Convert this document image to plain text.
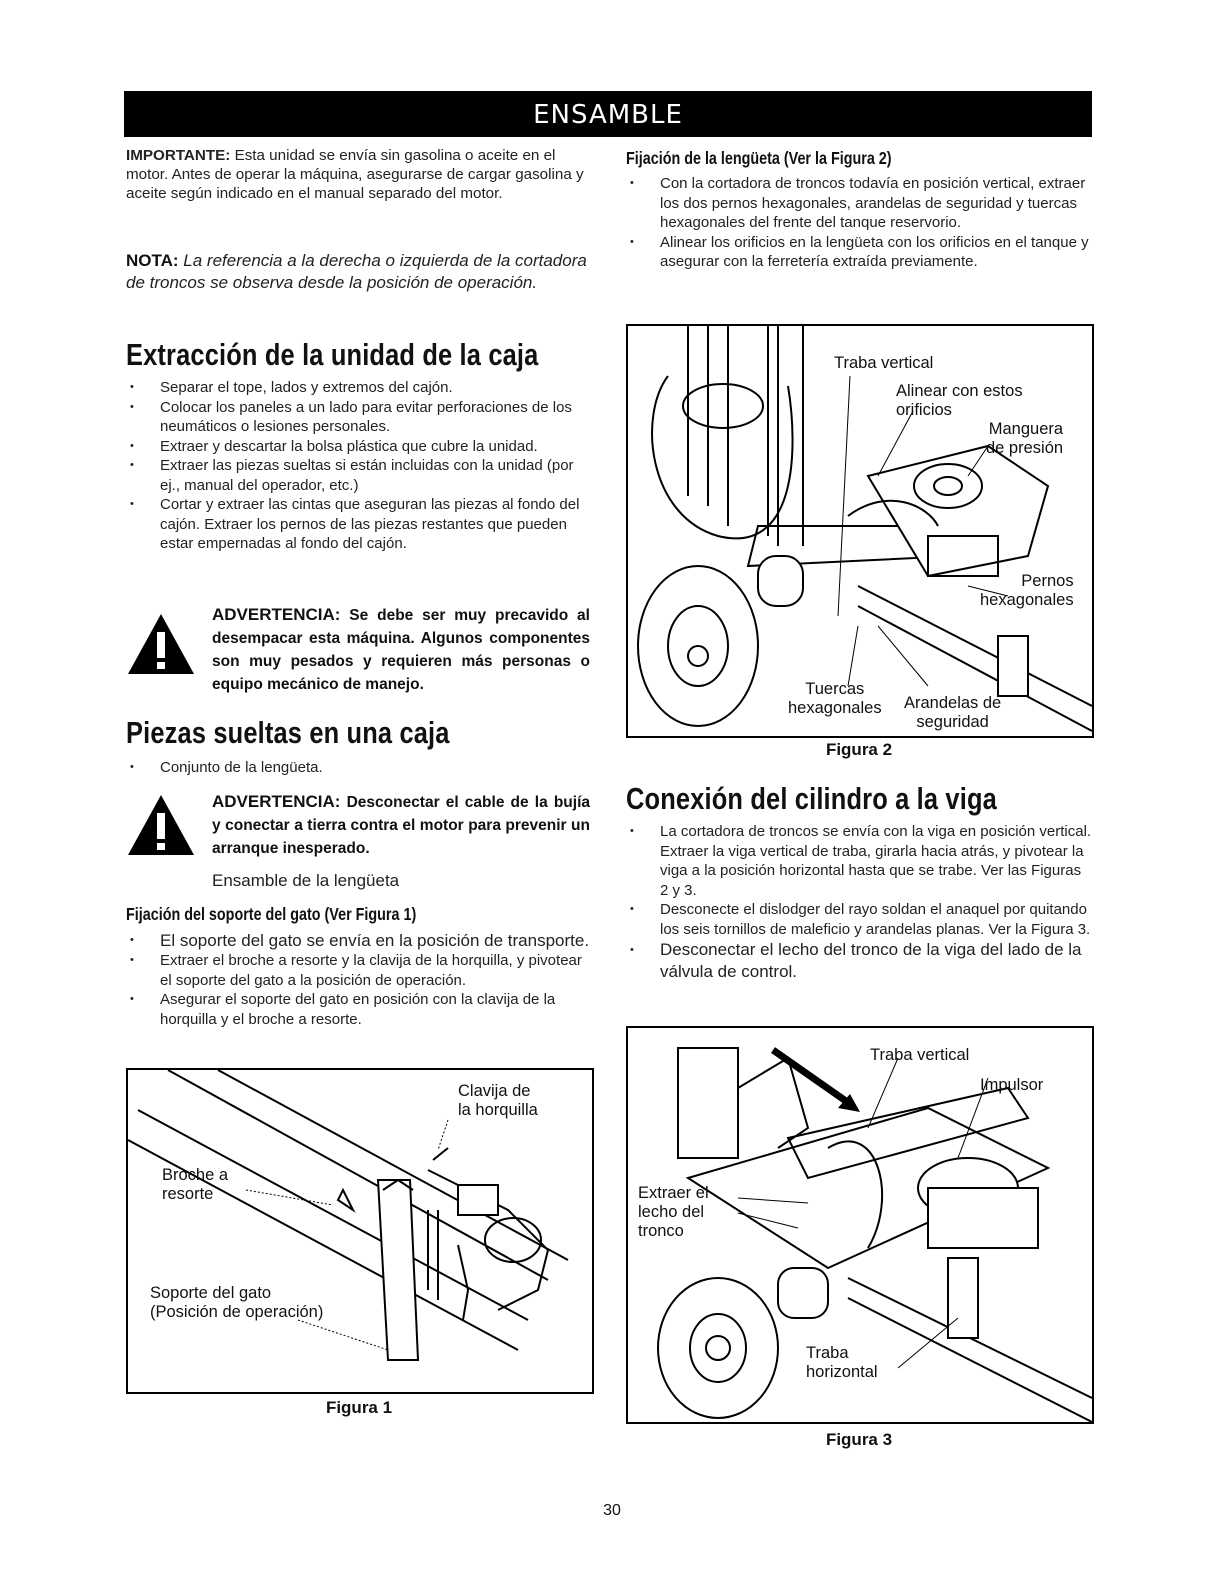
ENSAMBLE
IMPORTANTE: Esta unidad se envía sin gasolina o aceite en el motor. Antes de operar la máquina, asegurarse de cargar gasolina y aceite según indicado en el manual separado del motor.
NOTA: La referencia a la derecha o izquierda de la cortadora de troncos se observa desde la posición de operación.
Extracción de la unidad de la caja
• Separar el tope, lados y extremos del cajón.
• Colocar los paneles a un lado para evitar perforaciones de los neumáticos o lesiones personales.
• Extraer y descartar la bolsa plástica que cubre la unidad.
• Extraer las piezas sueltas si están incluidas con la unidad (por ej., manual del operador, etc.)
• Cortar y extraer las cintas que aseguran las piezas al fondo del cajón. Extraer los pernos de las piezas restantes que pueden estar empernadas al fondo del cajón.
ADVERTENCIA: Se debe ser muy precavido al desempacar esta máquina. Algunos componentes son muy pesados y requieren más personas o equipo mecánico de manejo.
Piezas sueltas en una caja
• Conjunto de la lengüeta.
ADVERTENCIA: Desconectar el cable de la bujía y conectar a tierra contra el motor para prevenir un arranque inesperado.
Ensamble de la lengüeta
Fijación del soporte del gato (Ver Figura 1)
• El soporte del gato se envía en la posición de transporte.
• Extraer el broche a resorte y la clavija de la horquilla, y pivotear el soporte del gato a la posición de operación.
• Asegurar el soporte del gato en posición con la clavija de la horquilla y el broche a resorte.
Clavija de
la horquilla
Broche a
resorte
Soporte del gato
(Posición de operación)
Figura 1
Fijación de la lengüeta (Ver la Figura 2)
• Con la cortadora de troncos todavía en posición vertical, extraer los dos pernos hexagonales, arandelas de seguridad y tuercas hexagonales del frente del tanque reservorio.
• Alinear los orificios en la lengüeta con los orificios en el tanque y asegurar con la ferretería extraída previamente.
Traba vertical
Alinear con estos
orificios
Manguera
de presión
Pernos
hexagonales
Tuercas
hexagonales Arandelas de
seguridad
Figura 2
Conexión del cilindro a la viga
• La cortadora de troncos se envía con la viga en posición vertical. Extraer la viga vertical de traba, girarla hacia atrás, y pivotear la viga a la posición horizontal hasta que se trabe. Ver las Figuras 2 y 3.
• Desconecte el dislodger del rayo soldan el anaquel por quitando los seis tornillos de maleficio y arandelas planas. Ver la Figura 3.
• Desconectar el lecho del tronco de la viga del lado de la válvula de control.
Traba vertical
Impulsor
Extraer el
lecho del
tronco
Traba
horizontal
Figura 3
30
